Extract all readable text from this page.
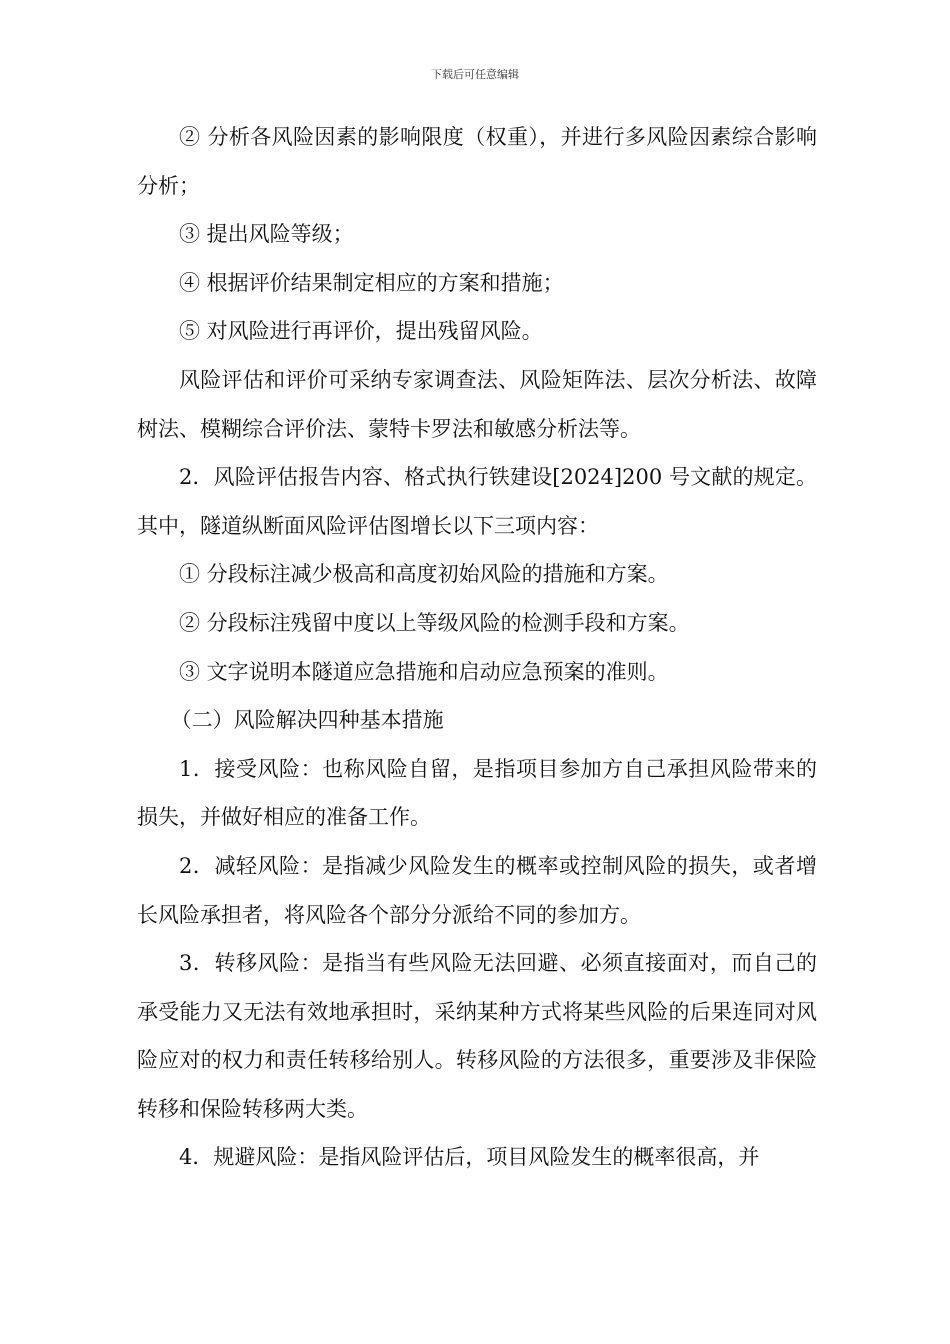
下载后可任意编辑

② 分析各风险因素的影响限度（权重），并进行多风险因素综合影响分析；

③ 提出风险等级；

④ 根据评价结果制定相应的方案和措施；

⑤ 对风险进行再评价，提出残留风险。

风险评估和评价可采纳专家调查法、风险矩阵法、层次分析法、故障树法、模糊综合评价法、蒙特卡罗法和敏感分析法等。

2．风险评估报告内容、格式执行铁建设[2024]200 号文献的规定。其中，隧道纵断面风险评估图增长以下三项内容：

① 分段标注减少极高和高度初始风险的措施和方案。

② 分段标注残留中度以上等级风险的检测手段和方案。

③ 文字说明本隧道应急措施和启动应急预案的准则。

（二）风险解决四种基本措施

1．接受风险：也称风险自留，是指项目参加方自己承担风险带来的损失，并做好相应的准备工作。

2．减轻风险：是指减少风险发生的概率或控制风险的损失，或者增长风险承担者，将风险各个部分分派给不同的参加方。

3．转移风险：是指当有些风险无法回避、必须直接面对，而自己的承受能力又无法有效地承担时，采纳某种方式将某些风险的后果连同对风险应对的权力和责任转移给别人。转移风险的方法很多，重要涉及非保险转移和保险转移两大类。

4．规避风险：是指风险评估后，项目风险发生的概率很高，并
